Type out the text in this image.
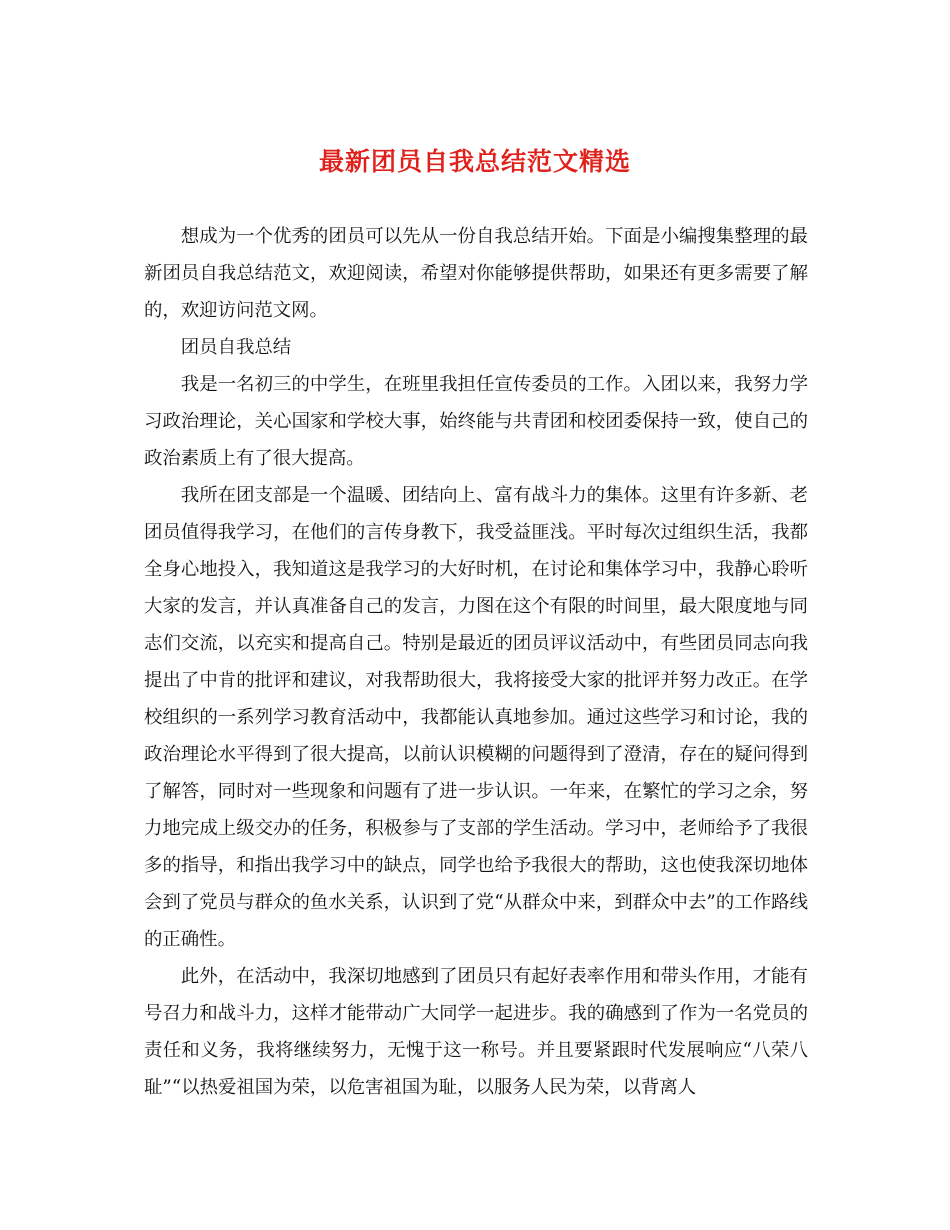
最新团员自我总结范文精选

想成为一个优秀的团员可以先从一份自我总结开始。下面是小编搜集整理的最新团员自我总结范文，欢迎阅读，希望对你能够提供帮助，如果还有更多需要了解的，欢迎访问范文网。

团员自我总结

我是一名初三的中学生，在班里我担任宣传委员的工作。入团以来，我努力学习政治理论，关心国家和学校大事，始终能与共青团和校团委保持一致，使自己的政治素质上有了很大提高。

我所在团支部是一个温暖、团结向上、富有战斗力的集体。这里有许多新、老团员值得我学习，在他们的言传身教下，我受益匪浅。平时每次过组织生活，我都全身心地投入，我知道这是我学习的大好时机，在讨论和集体学习中，我静心聆听大家的发言，并认真准备自己的发言，力图在这个有限的时间里，最大限度地与同志们交流，以充实和提高自己。特别是最近的团员评议活动中，有些团员同志向我提出了中肯的批评和建议，对我帮助很大，我将接受大家的批评并努力改正。在学校组织的一系列学习教育活动中，我都能认真地参加。通过这些学习和讨论，我的政治理论水平得到了很大提高，以前认识模糊的问题得到了澄清，存在的疑问得到了解答，同时对一些现象和问题有了进一步认识。一年来，在繁忙的学习之余，努力地完成上级交办的任务，积极参与了支部的学生活动。学习中，老师给予了我很多的指导，和指出我学习中的缺点，同学也给予我很大的帮助，这也使我深切地体会到了党员与群众的鱼水关系，认识到了党“从群众中来，到群众中去”的工作路线的正确性。

此外，在活动中，我深切地感到了团员只有起好表率作用和带头作用，才能有号召力和战斗力，这样才能带动广大同学一起进步。我的确感到了作为一名党员的责任和义务，我将继续努力，无愧于这一称号。并且要紧跟时代发展响应“八荣八耻”“以热爱祖国为荣，以危害祖国为耻，以服务人民为荣，以背离人
